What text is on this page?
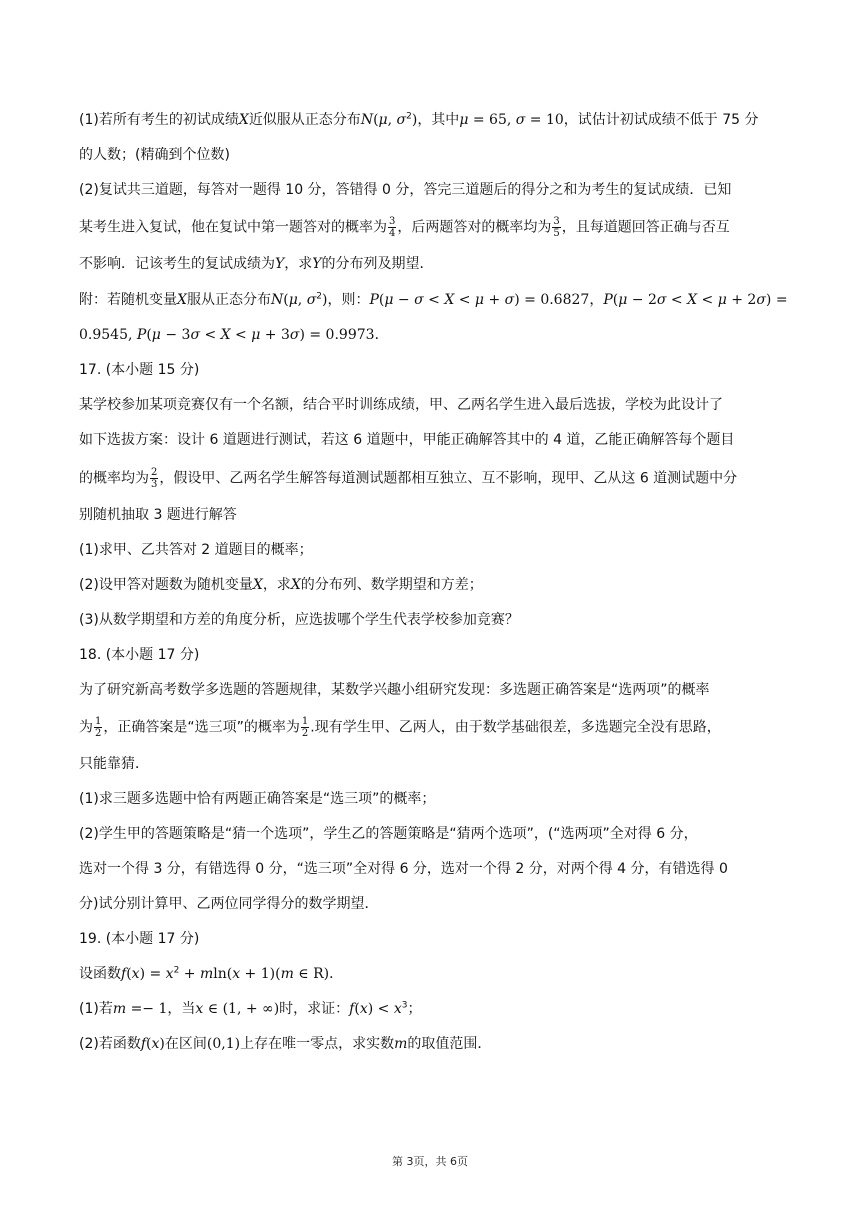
(1)若所有考生的初试成绩X近似服从正态分布N(μ, $\sigma^2$)，其中μ = 65, σ = 10，试估计初试成绩不低于 75 分
的人数；(精确到个位数)
(2)复试共三道题，每答对一题得 10 分，答错得 0 分，答完三道题后的得分之和为考生的复试成绩．已知
某考生进入复试，他在复试中第一题答对的概率为 $\frac{3}{4}$ ，后两题答对的概率均为 $\frac{3}{5}$ ，且每道题回答正确与否互
不影响．记该考生的复试成绩为Y，求Y的分布列及期望．
附：若随机变量X服从正态分布N(μ, $\sigma^2$)，则：P(μ − σ < X < μ + σ) = 0.6827，P(μ − 2σ < X < μ + 2σ) =
0.9545, P(μ − 3σ < X < μ + 3σ) = 0.9973．
17. (本小题 15 分)
某学校参加某项竞赛仅有一个名额，结合平时训练成绩，甲、乙两名学生进入最后选拔，学校为此设计了
如下选拔方案：设计 6 道题进行测试，若这 6 道题中，甲能正确解答其中的 4 道，乙能正确解答每个题目
的概率均为 $\frac{2}{3}$ ，假设甲、乙两名学生解答每道测试题都相互独立、互不影响，现甲、乙从这 6 道测试题中分
别随机抽取 3 题进行解答
(1)求甲、乙共答对 2 道题目的概率；
(2)设甲答对题数为随机变量X，求X的分布列、数学期望和方差；
(3)从数学期望和方差的角度分析，应选拔哪个学生代表学校参加竞赛？
18. (本小题 17 分)
为了研究新高考数学多选题的答题规律，某数学兴趣小组研究发现：多选题正确答案是“选两项”的概率
为 $\frac{1}{2}$ ，正确答案是“选三项”的概率为 $\frac{1}{2}$ .现有学生甲、乙两人，由于数学基础很差，多选题完全没有思路，
只能靠猜．
(1)求三题多选题中恰有两题正确答案是“选三项”的概率；
(2)学生甲的答题策略是“猜一个选项”，学生乙的答题策略是“猜两个选项”，(“选两项”全对得 6 分，
选对一个得 3 分，有错选得 0 分，“选三项”全对得 6 分，选对一个得 2 分，对两个得 4 分，有错选得 0
分)试分别计算甲、乙两位同学得分的数学期望．
19. (本小题 17 分)
设函数$f(x) = x^2 + mln(x + 1)(m$ ∈ R)．
(1)若m =− 1，当x ∈ (1, + ∞)时，求证：$f(x) < x^3$；
(2)若函数f(x)在区间(0,1)上存在唯一零点，求实数m的取值范围．
第 3页，共 6页
